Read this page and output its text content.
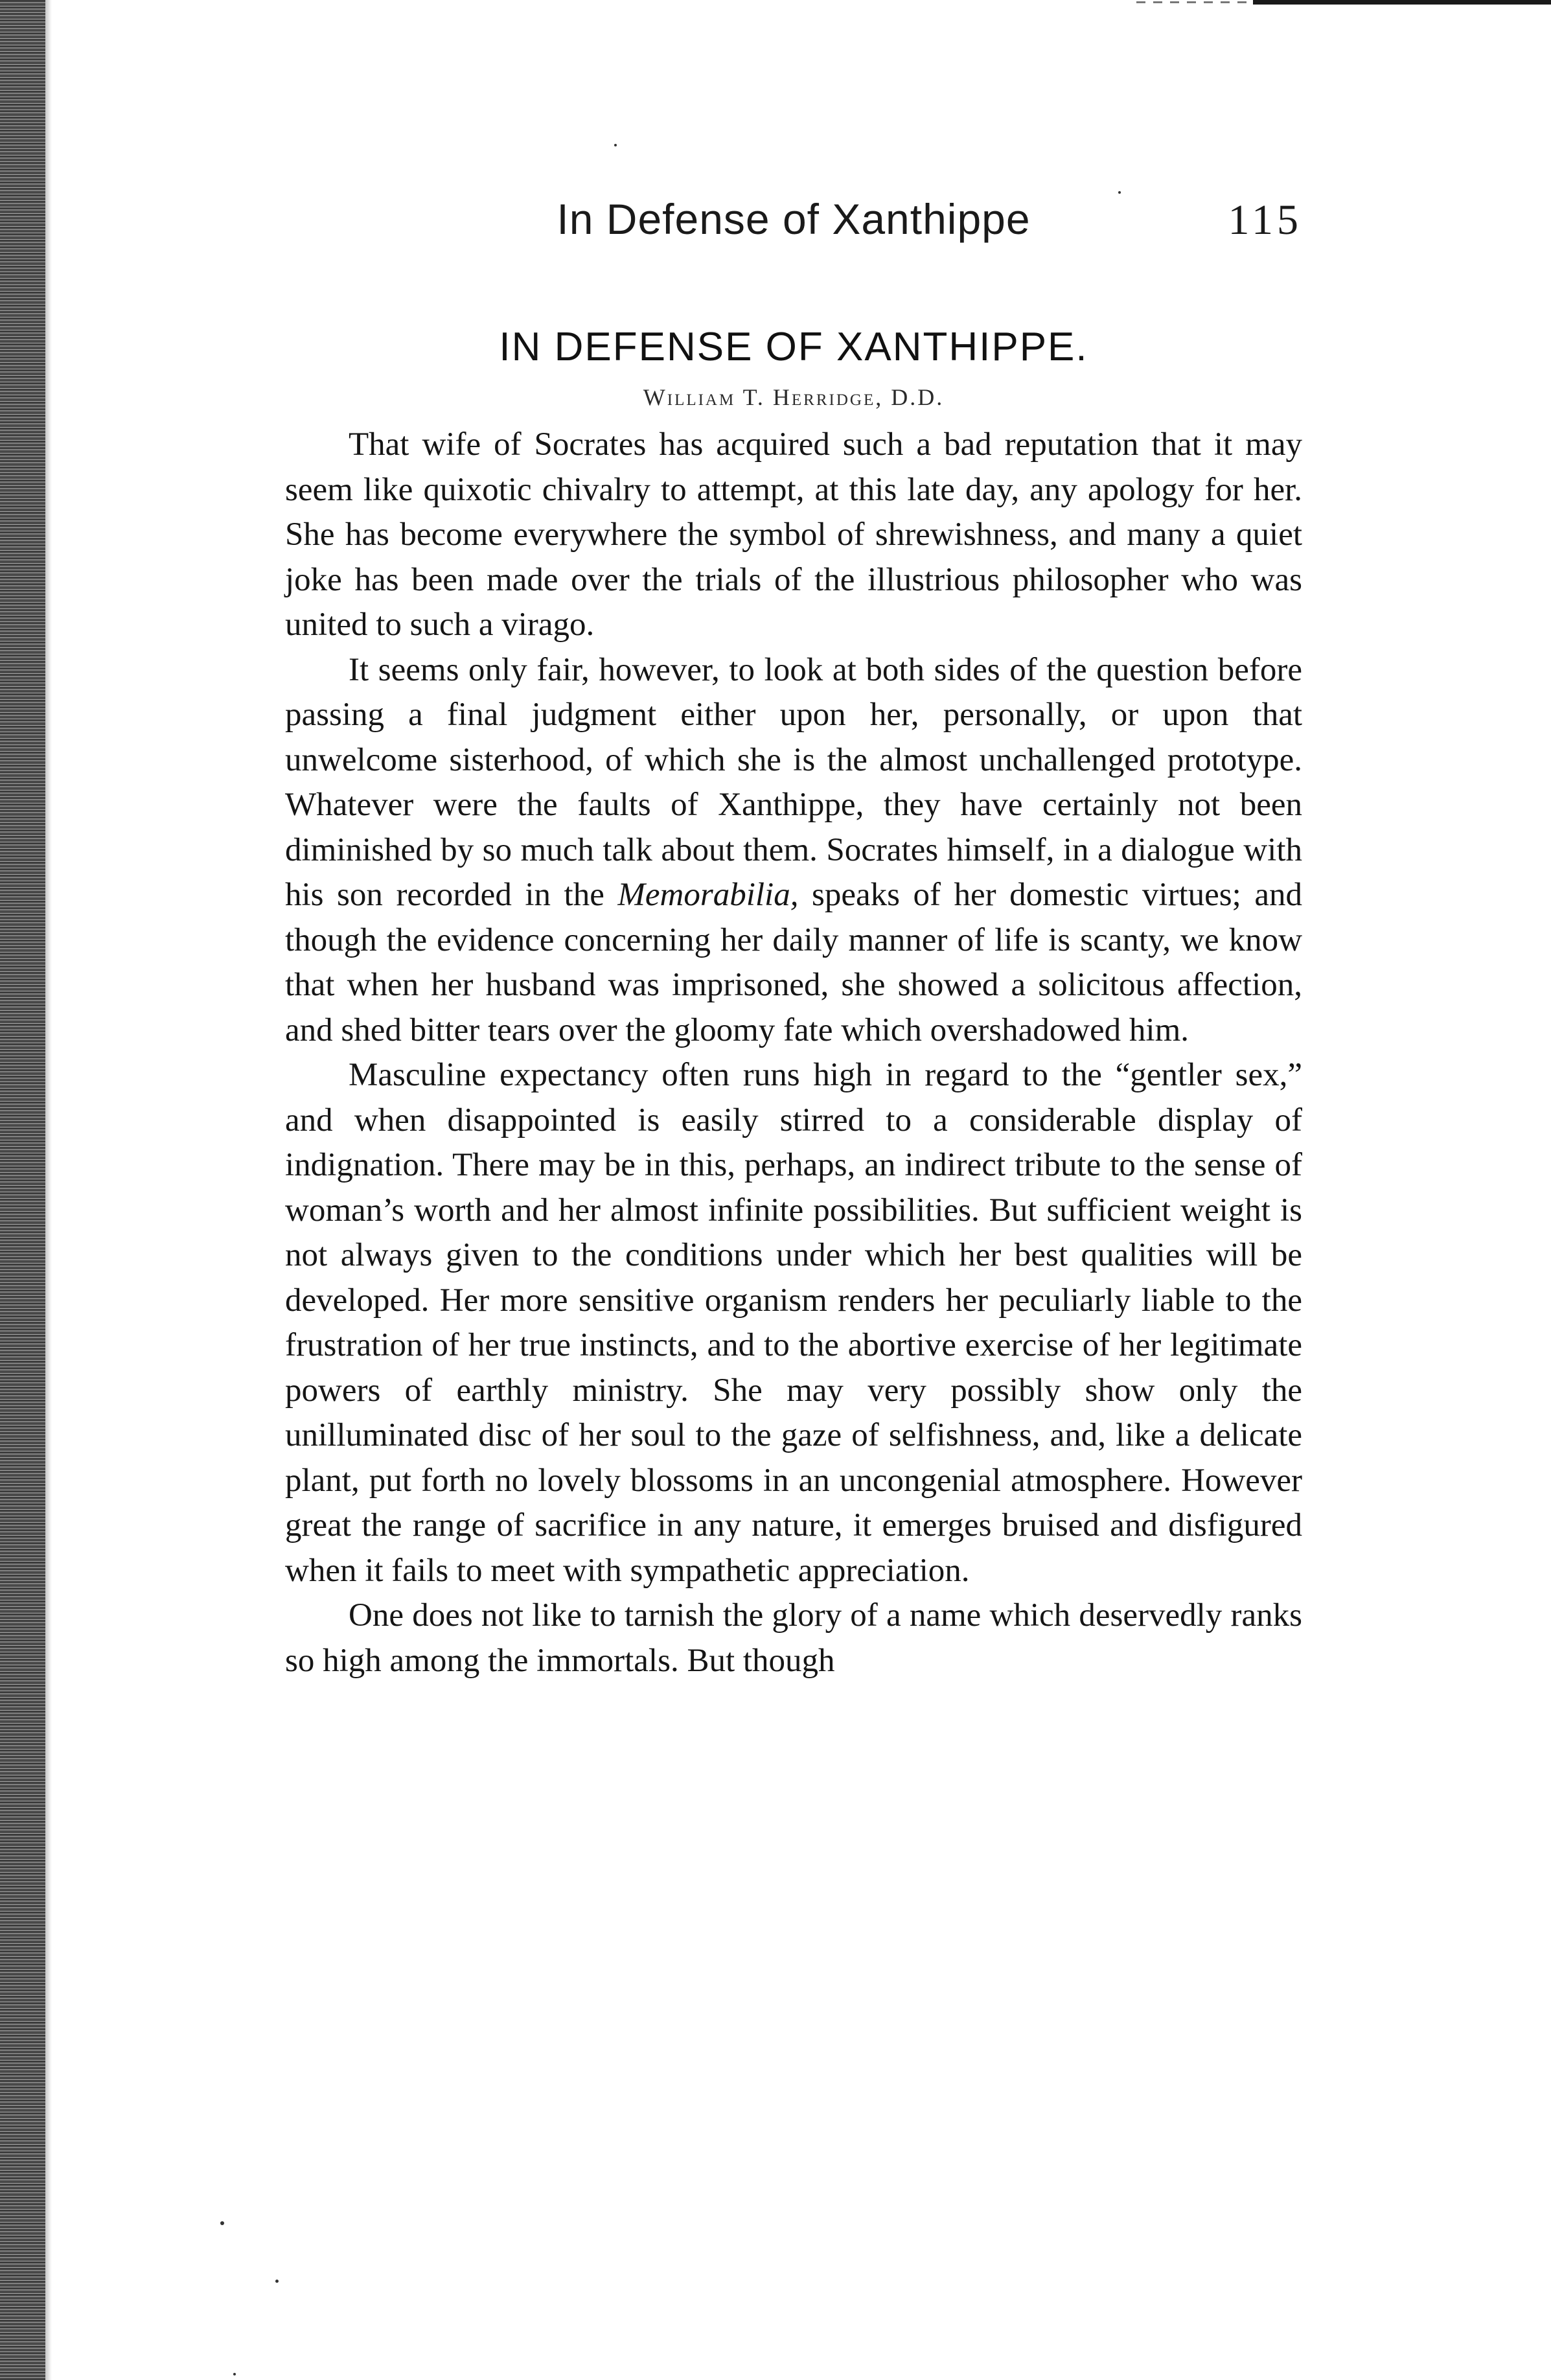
In Defense of Xanthippe	115
IN DEFENSE OF XANTHIPPE.
William T. Herridge, D.D.

That wife of Socrates has acquired such a bad reputation that it may seem like quixotic chivalry to attempt, at this late day, any apology for her. She has become everywhere the symbol of shrewishness, and many a quiet joke has been made over the trials of the illustrious philosopher who was united to such a virago.

It seems only fair, however, to look at both sides of the question before passing a final judgment either upon her, personally, or upon that unwelcome sisterhood, of which she is the almost unchallenged prototype. Whatever were the faults of Xanthippe, they have certainly not been diminished by so much talk about them. Socrates himself, in a dialogue with his son recorded in the Memorabilia, speaks of her domestic virtues; and though the evidence concerning her daily manner of life is scanty, we know that when her husband was imprisoned, she showed a solicitous affection, and shed bitter tears over the gloomy fate which overshadowed him.

Masculine expectancy often runs high in regard to the “gentler sex,” and when disappointed is easily stirred to a considerable display of indignation. There may be in this, perhaps, an indirect tribute to the sense of woman’s worth and her almost infinite possibilities. But sufficient weight is not always given to the conditions under which her best qualities will be developed. Her more sensitive organism renders her peculiarly liable to the frustration of her true instincts, and to the abortive exercise of her legitimate powers of earthly ministry. She may very possibly show only the unilluminated disc of her soul to the gaze of selfishness, and, like a delicate plant, put forth no lovely blossoms in an uncongenial atmosphere. However great the range of sacrifice in any nature, it emerges bruised and disfigured when it fails to meet with sympathetic appreciation.

One does not like to tarnish the glory of a name which deservedly ranks so high among the immortals. But though
